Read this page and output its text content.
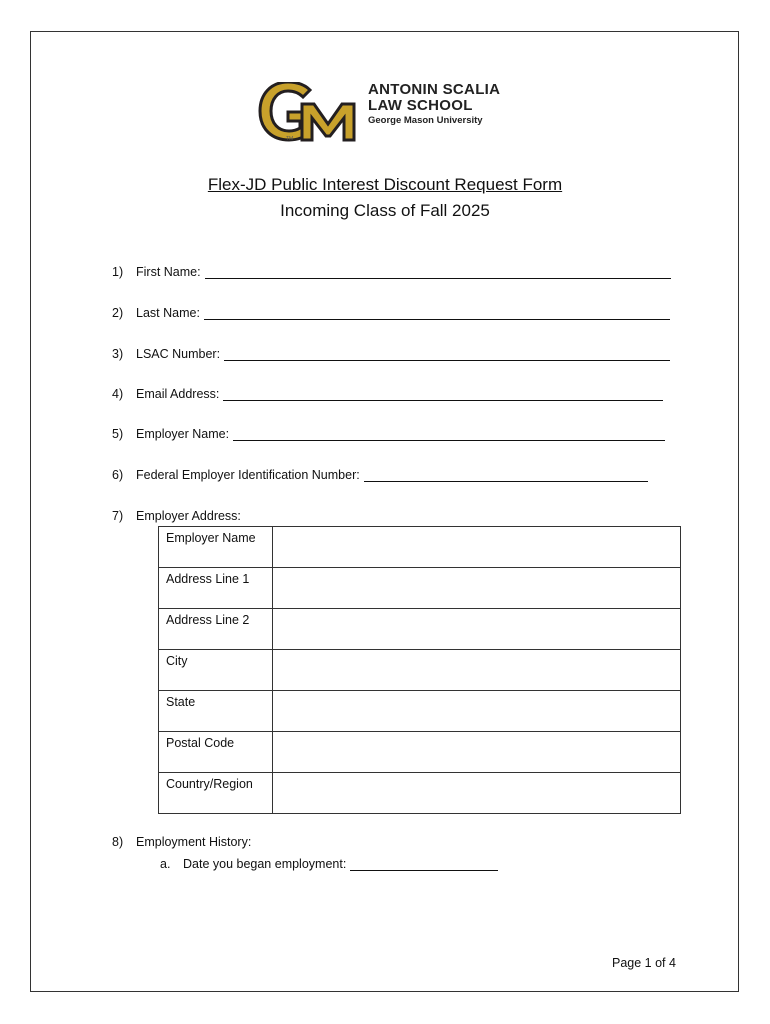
TM
ANTONIN SCALIA
LAW SCHOOL
George Mason University
Flex-JD Public Interest Discount Request Form
Incoming Class of Fall 2025
1)	First Name:
2)	Last Name:
3)	LSAC Number:
4)	Email Address:
5)	Employer Name:
6)	Federal Employer Identification Number:
7)	Employer Address:
Employer Name	
Address Line 1	
Address Line 2	
City	
State	
Postal Code	
Country/Region	
8)	Employment History:
a.	Date you began employment:
Page 1 of 4
